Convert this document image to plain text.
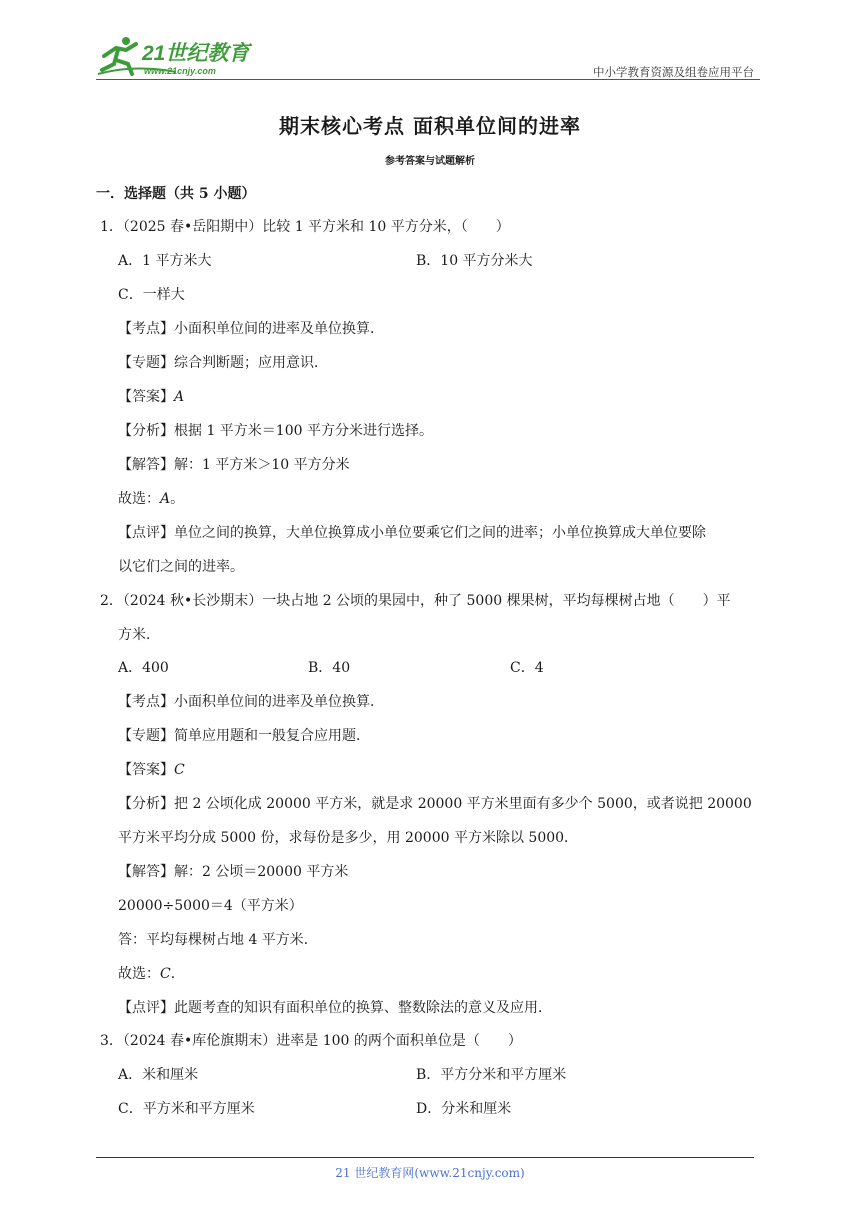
21世纪教育
www.21cnjy.com	中小学教育资源及组卷应用平台
期末核心考点 面积单位间的进率
参考答案与试题解析
一．选择题（共 5 小题）
1．（2025 春•岳阳期中）比较 1 平方米和 10 平方分米，（　　）
A．1 平方米大	B．10 平方分米大
C．一样大
【考点】小面积单位间的进率及单位换算．
【专题】综合判断题；应用意识．
【答案】A
【分析】根据 1 平方米＝100 平方分米进行选择。
【解答】解：1 平方米＞10 平方分米
故选：A。
【点评】单位之间的换算，大单位换算成小单位要乘它们之间的进率；小单位换算成大单位要除
以它们之间的进率。
2．（2024 秋•长沙期末）一块占地 2 公顷的果园中，种了 5000 棵果树，平均每棵树占地（　　）平
方米．
A．400	B．40	C．4
【考点】小面积单位间的进率及单位换算．
【专题】简单应用题和一般复合应用题．
【答案】C
【分析】把 2 公顷化成 20000 平方米，就是求 20000 平方米里面有多少个 5000，或者说把 20000
平方米平均分成 5000 份，求每份是多少，用 20000 平方米除以 5000．
【解答】解：2 公顷＝20000 平方米
20000÷5000＝4（平方米）
答：平均每棵树占地 4 平方米．
故选：C．
【点评】此题考查的知识有面积单位的换算、整数除法的意义及应用．
3．（2024 春•库伦旗期末）进率是 100 的两个面积单位是（　　）
A．米和厘米	B．平方分米和平方厘米
C．平方米和平方厘米	D．分米和厘米
21 世纪教育网(www.21cnjy.com)
